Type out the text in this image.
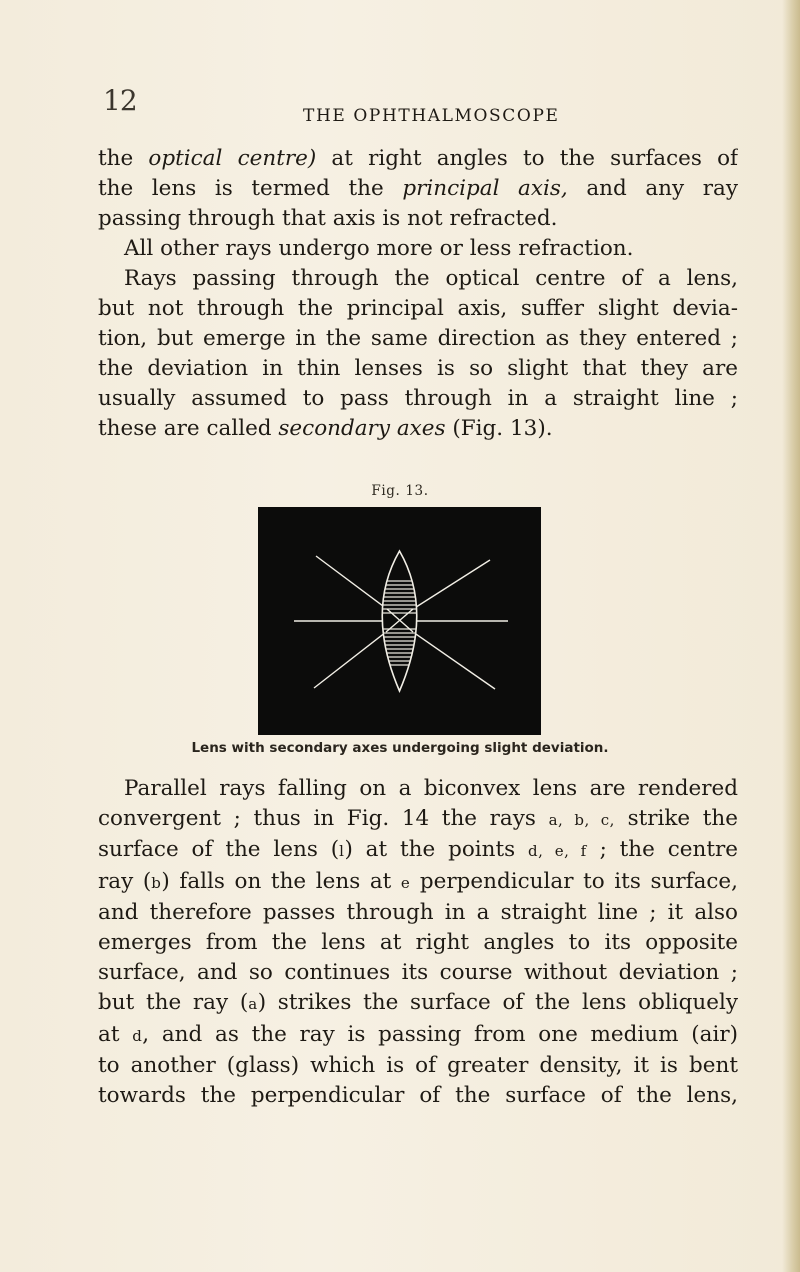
12	THE OPHTHALMOSCOPE
the optical centre) at right angles to the surfaces of
the lens is termed the principal axis, and any ray
passing through that axis is not refracted.
All other rays undergo more or less refraction.
Rays passing through the optical centre of a lens,
but not through the principal axis, suffer slight devia-
tion, but emerge in the same direction as they entered ;
the deviation in thin lenses is so slight that they are
usually assumed to pass through in a straight line ;
these are called secondary axes (Fig. 13).
Fig. 13.
Lens with secondary axes undergoing slight deviation.
Parallel rays falling on a biconvex lens are rendered
convergent ; thus in Fig. 14 the rays a, b, c, strike the
surface of the lens (l) at the points d, e, f ; the centre
ray (b) falls on the lens at e perpendicular to its surface,
and therefore passes through in a straight line ; it also
emerges from the lens at right angles to its opposite
surface, and so continues its course without deviation ;
but the ray (a) strikes the surface of the lens obliquely
at d, and as the ray is passing from one medium (air)
to another (glass) which is of greater density, it is bent
towards the perpendicular of the surface of the lens,
